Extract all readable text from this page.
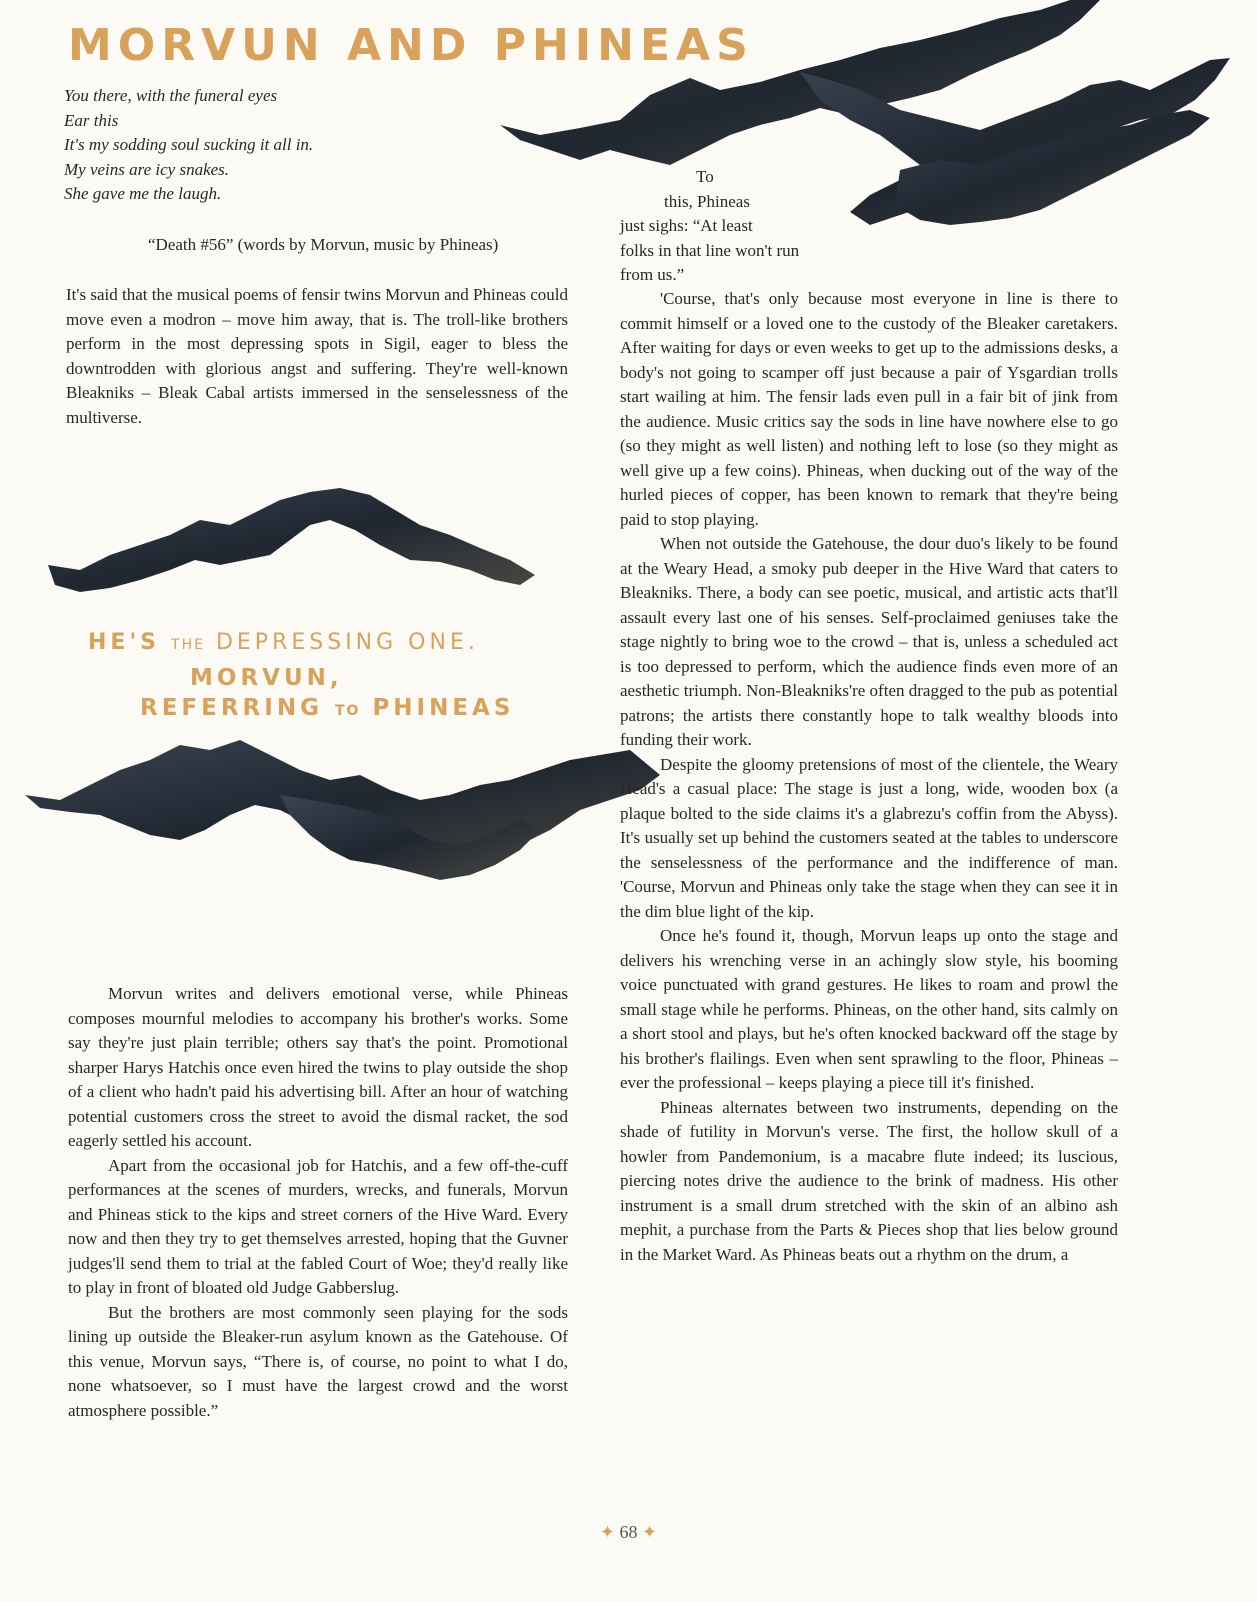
MORVUN AND PHINEAS
You there, with the funeral eyes
Ear this
It's my sodding soul sucking it all in.
My veins are icy snakes.
She gave me the laugh.
“Death #56” (words by Morvun, music by Phineas)

It's said that the musical poems of fensir twins Morvun and Phineas could move even a modron – move him away, that is. The troll-like brothers perform in the most depressing spots in Sigil, eager to bless the downtrodden with glorious angst and suffering. They're well-known Bleakniks – Bleak Cabal artists immersed in the senselessness of the multiverse.

HE'S THE DEPRESSING ONE.
MORVUN,
REFERRING TO PHINEAS

Morvun writes and delivers emotional verse, while Phineas composes mournful melodies to accompany his brother's works. Some say they're just plain terrible; others say that's the point. Promotional sharper Harys Hatchis once even hired the twins to play outside the shop of a client who hadn't paid his advertising bill. After an hour of watching potential customers cross the street to avoid the dismal racket, the sod eagerly settled his account.

Apart from the occasional job for Hatchis, and a few off-the-cuff performances at the scenes of murders, wrecks, and funerals, Morvun and Phineas stick to the kips and street corners of the Hive Ward. Every now and then they try to get themselves arrested, hoping that the Guvner judges'll send them to trial at the fabled Court of Woe; they'd really like to play in front of bloated old Judge Gabberslug.

But the brothers are most commonly seen playing for the sods lining up outside the Bleaker-run asylum known as the Gatehouse. Of this venue, Morvun says, “There is, of course, no point to what I do, none whatsoever, so I must have the largest crowd and the worst atmosphere possible.”

To
this, Phineas
just sighs: “At least
folks in that line won't run
from us.”

'Course, that's only because most everyone in line is there to commit himself or a loved one to the custody of the Bleaker caretakers. After waiting for days or even weeks to get up to the admissions desks, a body's not going to scamper off just because a pair of Ysgardian trolls start wailing at him. The fensir lads even pull in a fair bit of jink from the audience. Music critics say the sods in line have nowhere else to go (so they might as well listen) and nothing left to lose (so they might as well give up a few coins). Phineas, when ducking out of the way of the hurled pieces of copper, has been known to remark that they're being paid to stop playing.

When not outside the Gatehouse, the dour duo's likely to be found at the Weary Head, a smoky pub deeper in the Hive Ward that caters to Bleakniks. There, a body can see poetic, musical, and artistic acts that'll assault every last one of his senses. Self-proclaimed geniuses take the stage nightly to bring woe to the crowd – that is, unless a scheduled act is too depressed to perform, which the audience finds even more of an aesthetic triumph. Non-Bleakniks're often dragged to the pub as potential patrons; the artists there constantly hope to talk wealthy bloods into funding their work.

Despite the gloomy pretensions of most of the clientele, the Weary Head's a casual place: The stage is just a long, wide, wooden box (a plaque bolted to the side claims it's a glabrezu's coffin from the Abyss). It's usually set up behind the customers seated at the tables to underscore the senselessness of the performance and the indifference of man. 'Course, Morvun and Phineas only take the stage when they can see it in the dim blue light of the kip.

Once he's found it, though, Morvun leaps up onto the stage and delivers his wrenching verse in an achingly slow style, his booming voice punctuated with grand gestures. He likes to roam and prowl the small stage while he performs. Phineas, on the other hand, sits calmly on a short stool and plays, but he's often knocked backward off the stage by his brother's flailings. Even when sent sprawling to the floor, Phineas – ever the professional – keeps playing a piece till it's finished.

Phineas alternates between two instruments, depending on the shade of futility in Morvun's verse. The first, the hollow skull of a howler from Pandemonium, is a macabre flute indeed; its luscious, piercing notes drive the audience to the brink of madness. His other instrument is a small drum stretched with the skin of an albino ash mephit, a purchase from the Parts & Pieces shop that lies below ground in the Market Ward. As Phineas beats out a rhythm on the drum, a

✦ 68 ✦
